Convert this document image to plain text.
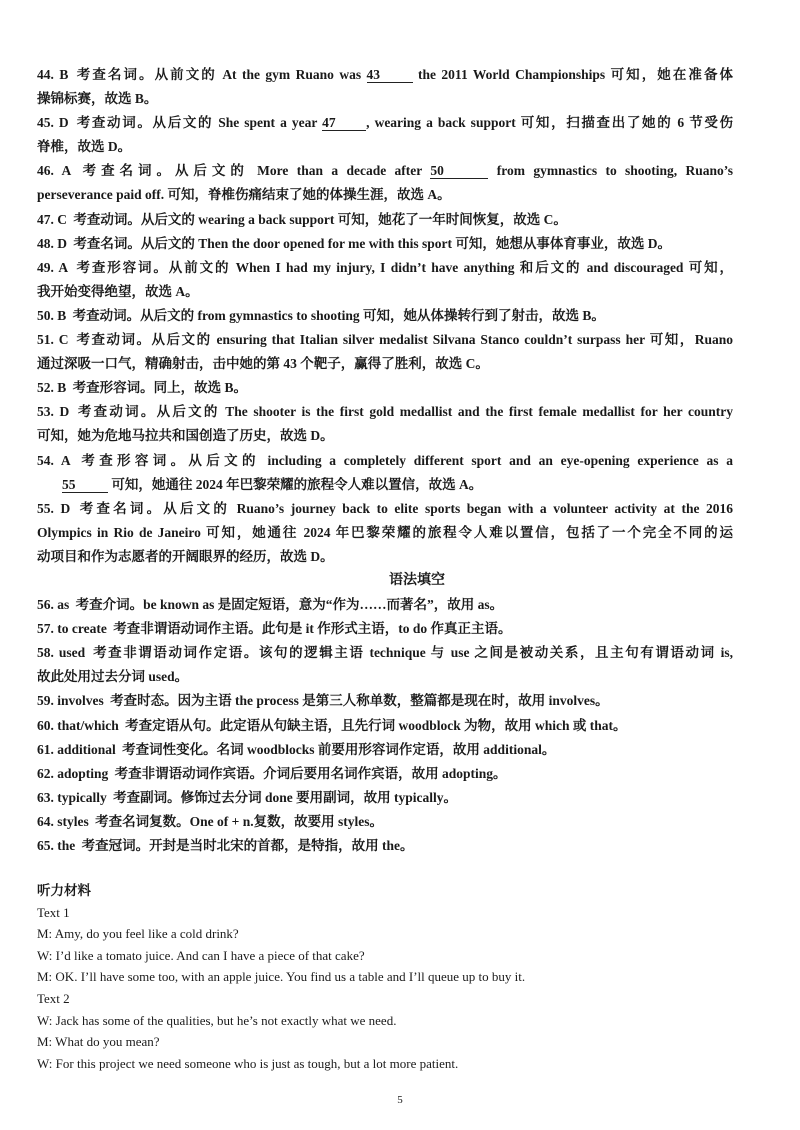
44. B 考查名词。从前文的 At the gym Ruano was 43	the 2011 World Championships 可知，她在准备体
操锦标赛，故选 B。
45. D 考查动词。从后文的 She spent a year 47 , wearing a back support 可知，扫描查出了她的 6 节受伤
脊椎，故选 D。
46. A 考查名词。从后文的 More than a decade after 50	from gymnastics to shooting, Ruano’s
perseverance paid off. 可知，脊椎伤痛结束了她的体操生涯，故选 A。
47. C 考查动词。从后文的 wearing a back support 可知，她花了一年时间恢复，故选 C。
48. D 考查名词。从后文的 Then the door opened for me with this sport 可知，她想从事体育事业，故选 D。
49. A 考查形容词。从前文的 When I had my injury, I didn’t have anything 和后文的 and discouraged 可知，
我开始变得绝望，故选 A。
50. B 考查动词。从后文的 from gymnastics to shooting 可知，她从体操转行到了射击，故选 B。
51. C 考查动词。从后文的 ensuring that Italian silver medalist Silvana Stanco couldn’t surpass her 可知，Ruano
通过深吸一口气，精确射击，击中她的第 43 个靶子，赢得了胜利，故选 C。
52. B 考查形容词。同上，故选 B。
53. D 考查动词。从后文的 The shooter is the first gold medallist and the first female medallist for her country
可知，她为危地马拉共和国创造了历史，故选 D。
54. A 考查形容词。从后文的 including a completely different sport and an eye-opening experience as a
55	可知，她通往 2024 年巴黎荣耀的旅程令人难以置信，故选 A。
55. D 考查名词。从后文的 Ruano’s journey back to elite sports began with a volunteer activity at the 2016
Olympics in Rio de Janeiro 可知，她通往 2024 年巴黎荣耀的旅程令人难以置信，包括了一个完全不同的运
动项目和作为志愿者的开阔眼界的经历，故选 D。
语法填空
56. as 考查介词。be known as 是固定短语，意为“作为……而著名”，故用 as。
57. to create 考查非谓语动词作主语。此句是 it 作形式主语，to do 作真正主语。
58. used 考查非谓语动词作定语。该句的逻辑主语 technique 与 use 之间是被动关系，且主句有谓语动词 is,
故此处用过去分词 used。
59. involves 考查时态。因为主语 the process 是第三人称单数，整篇都是现在时，故用 involves。
60. that/which 考查定语从句。此定语从句缺主语，且先行词 woodblock 为物，故用 which 或 that。
61. additional 考查词性变化。名词 woodblocks 前要用形容词作定语，故用 additional。
62. adopting 考查非谓语动词作宾语。介词后要用名词作宾语，故用 adopting。
63. typically 考查副词。修饰过去分词 done 要用副词，故用 typically。
64. styles 考查名词复数。One of + n.复数，故要用 styles。
65. the 考查冠词。开封是当时北宋的首都，是特指，故用 the。
听力材料
Text 1
M: Amy, do you feel like a cold drink?
W: I’d like a tomato juice. And can I have a piece of that cake?
M: OK. I’ll have some too, with an apple juice. You find us a table and I’ll queue up to buy it.
Text 2
W: Jack has some of the qualities, but he’s not exactly what we need.
M: What do you mean?
W: For this project we need someone who is just as tough, but a lot more patient.
5
